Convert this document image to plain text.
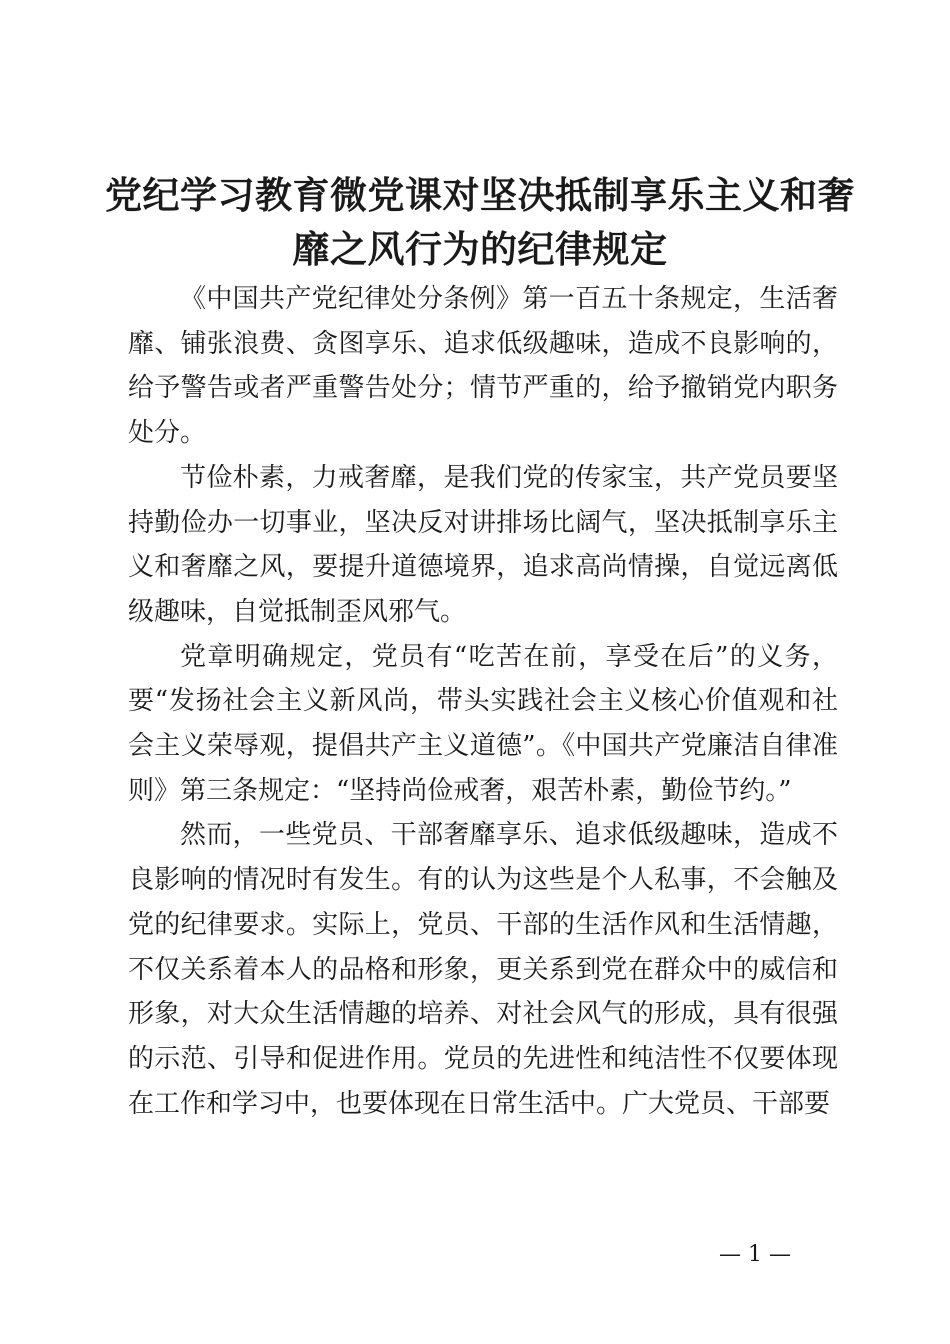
党纪学习教育微党课对坚决抵制享乐主义和奢
靡之风行为的纪律规定

《中国共产党纪律处分条例》第一百五十条规定，生活奢靡、铺张浪费、贪图享乐、追求低级趣味，造成不良影响的，给予警告或者严重警告处分；情节严重的，给予撤销党内职务处分。

节俭朴素，力戒奢靡，是我们党的传家宝，共产党员要坚持勤俭办一切事业，坚决反对讲排场比阔气，坚决抵制享乐主义和奢靡之风，要提升道德境界，追求高尚情操，自觉远离低级趣味，自觉抵制歪风邪气。

党章明确规定，党员有“吃苦在前，享受在后”的义务，要“发扬社会主义新风尚，带头实践社会主义核心价值观和社会主义荣辱观，提倡共产主义道德”。《中国共产党廉洁自律准则》第三条规定：“坚持尚俭戒奢，艰苦朴素，勤俭节约。”

然而，一些党员、干部奢靡享乐、追求低级趣味，造成不良影响的情况时有发生。有的认为这些是个人私事，不会触及党的纪律要求。实际上，党员、干部的生活作风和生活情趣，不仅关系着本人的品格和形象，更关系到党在群众中的威信和形象，对大众生活情趣的培养、对社会风气的形成，具有很强的示范、引导和促进作用。党员的先进性和纯洁性不仅要体现在工作和学习中，也要体现在日常生活中。广大党员、干部要

— 1 —
